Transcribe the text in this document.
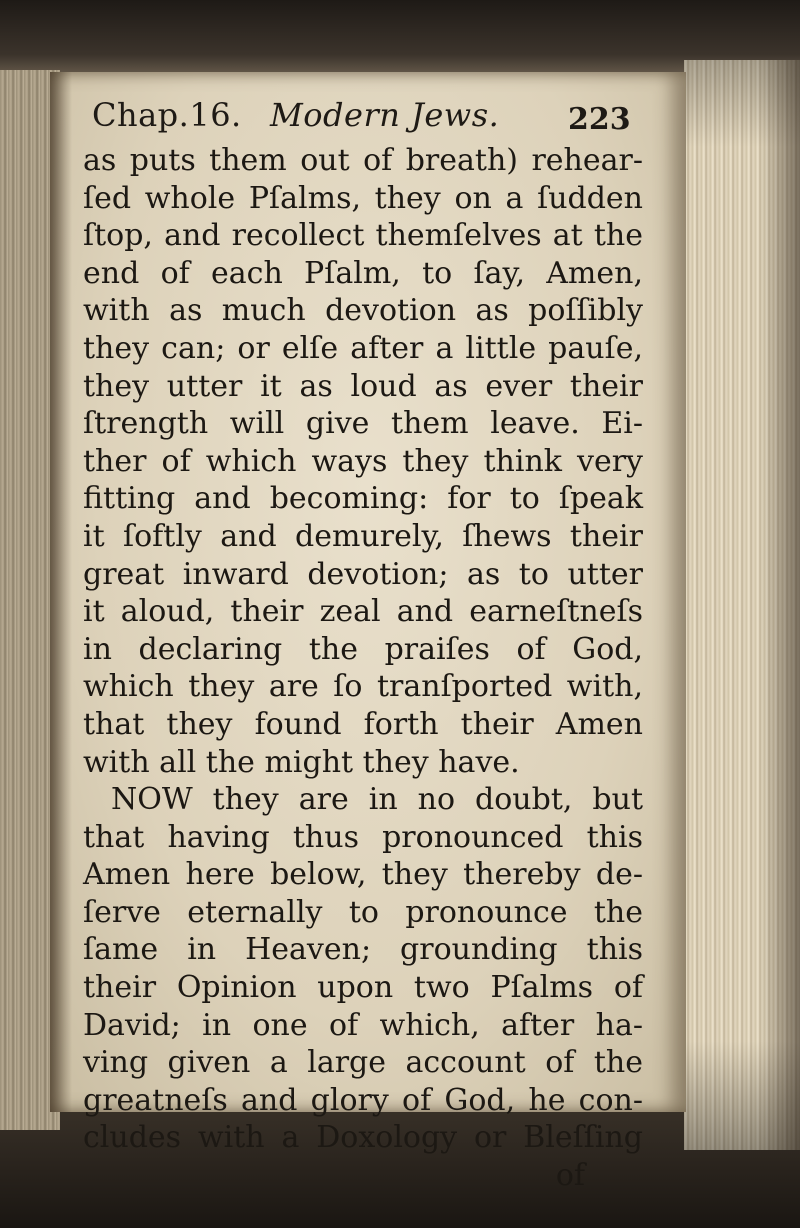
Chap.16. Modern Jews. 223
as puts them out of breath) rehear-
ſed whole Pſalms, they on a ſudden
ſtop, and recollect themſelves at the
end of each Pſalm, to ſay, Amen,
with as much devotion as poſſibly
they can; or elſe after a little pauſe,
they utter it as loud as ever their
ſtrength will give them leave. Ei-
ther of which ways they think very
fitting and becoming: for to ſpeak
it ſoftly and demurely, ſhews their
great inward devotion; as to utter
it aloud, their zeal and earneſtneſs
in declaring the praiſes of God,
which they are ſo tranſported with,
that they found forth their Amen
with all the might they have.
NOW they are in no doubt, but
that having thus pronounced this
Amen here below, they thereby de-
ſerve eternally to pronounce the
ſame in Heaven; grounding this
their Opinion upon two Pſalms of
David; in one of which, after ha-
ving given a large account of the
greatneſs and glory of God, he con-
cludes with a Doxology or Bleſſing
of
